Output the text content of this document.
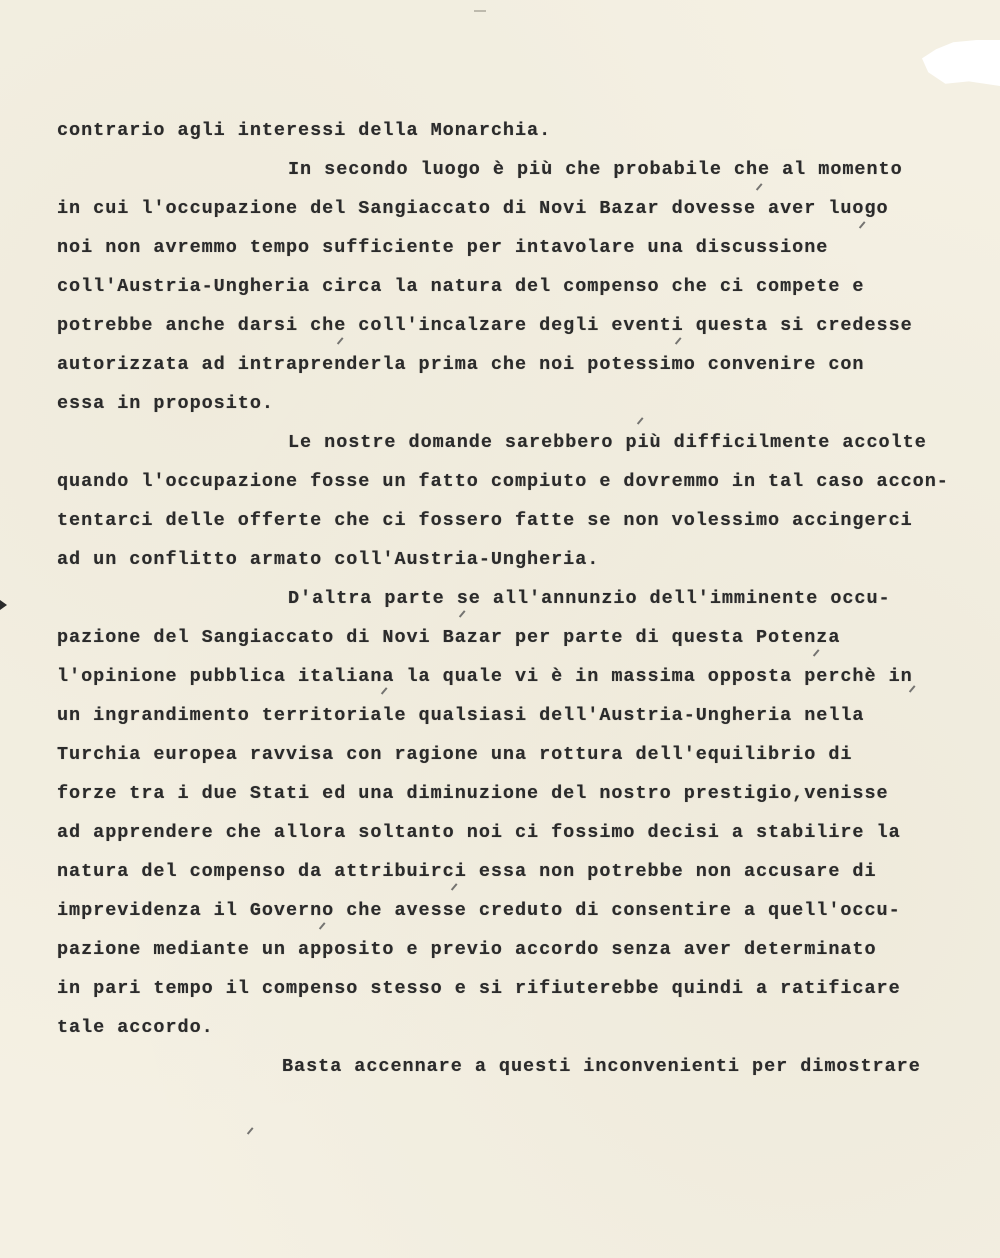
contrario agli interessi della Monarchia.
In secondo luogo è più che probabile che al momento
in cui l'occupazione del Sangiaccato di Novi Bazar dovesse aver luogo
noi non avremmo tempo sufficiente per intavolare una discussione
coll'Austria-Ungheria circa la natura del compenso che ci compete e
potrebbe anche darsi che coll'incalzare degli eventi questa si credesse
autorizzata ad intraprenderla prima che noi potessimo convenire con
essa in proposito.
Le nostre domande sarebbero più difficilmente accolte
quando l'occupazione fosse un fatto compiuto e dovremmo in tal caso accon-
tentarci delle offerte che ci fossero fatte se non volessimo accingerci
ad un conflitto armato coll'Austria-Ungheria.
D'altra parte se all'annunzio dell'imminente occu-
pazione del Sangiaccato di Novi Bazar per parte di questa Potenza
l'opinione pubblica italiana la quale vi è in massima opposta perchè in
un ingrandimento territoriale qualsiasi dell'Austria-Ungheria nella
Turchia europea ravvisa con ragione una rottura dell'equilibrio di
forze tra i due Stati ed una diminuzione del nostro prestigio,venisse
ad apprendere che allora soltanto noi ci fossimo decisi a stabilire la
natura del compenso da attribuirci essa non potrebbe non accusare di
imprevidenza il Governo che avesse creduto di consentire a quell'occu-
pazione mediante un apposito e previo accordo senza aver determinato
in pari tempo il compenso stesso e si rifiuterebbe quindi a ratificare
tale accordo.
Basta accennare a questi inconvenienti per dimostrare
